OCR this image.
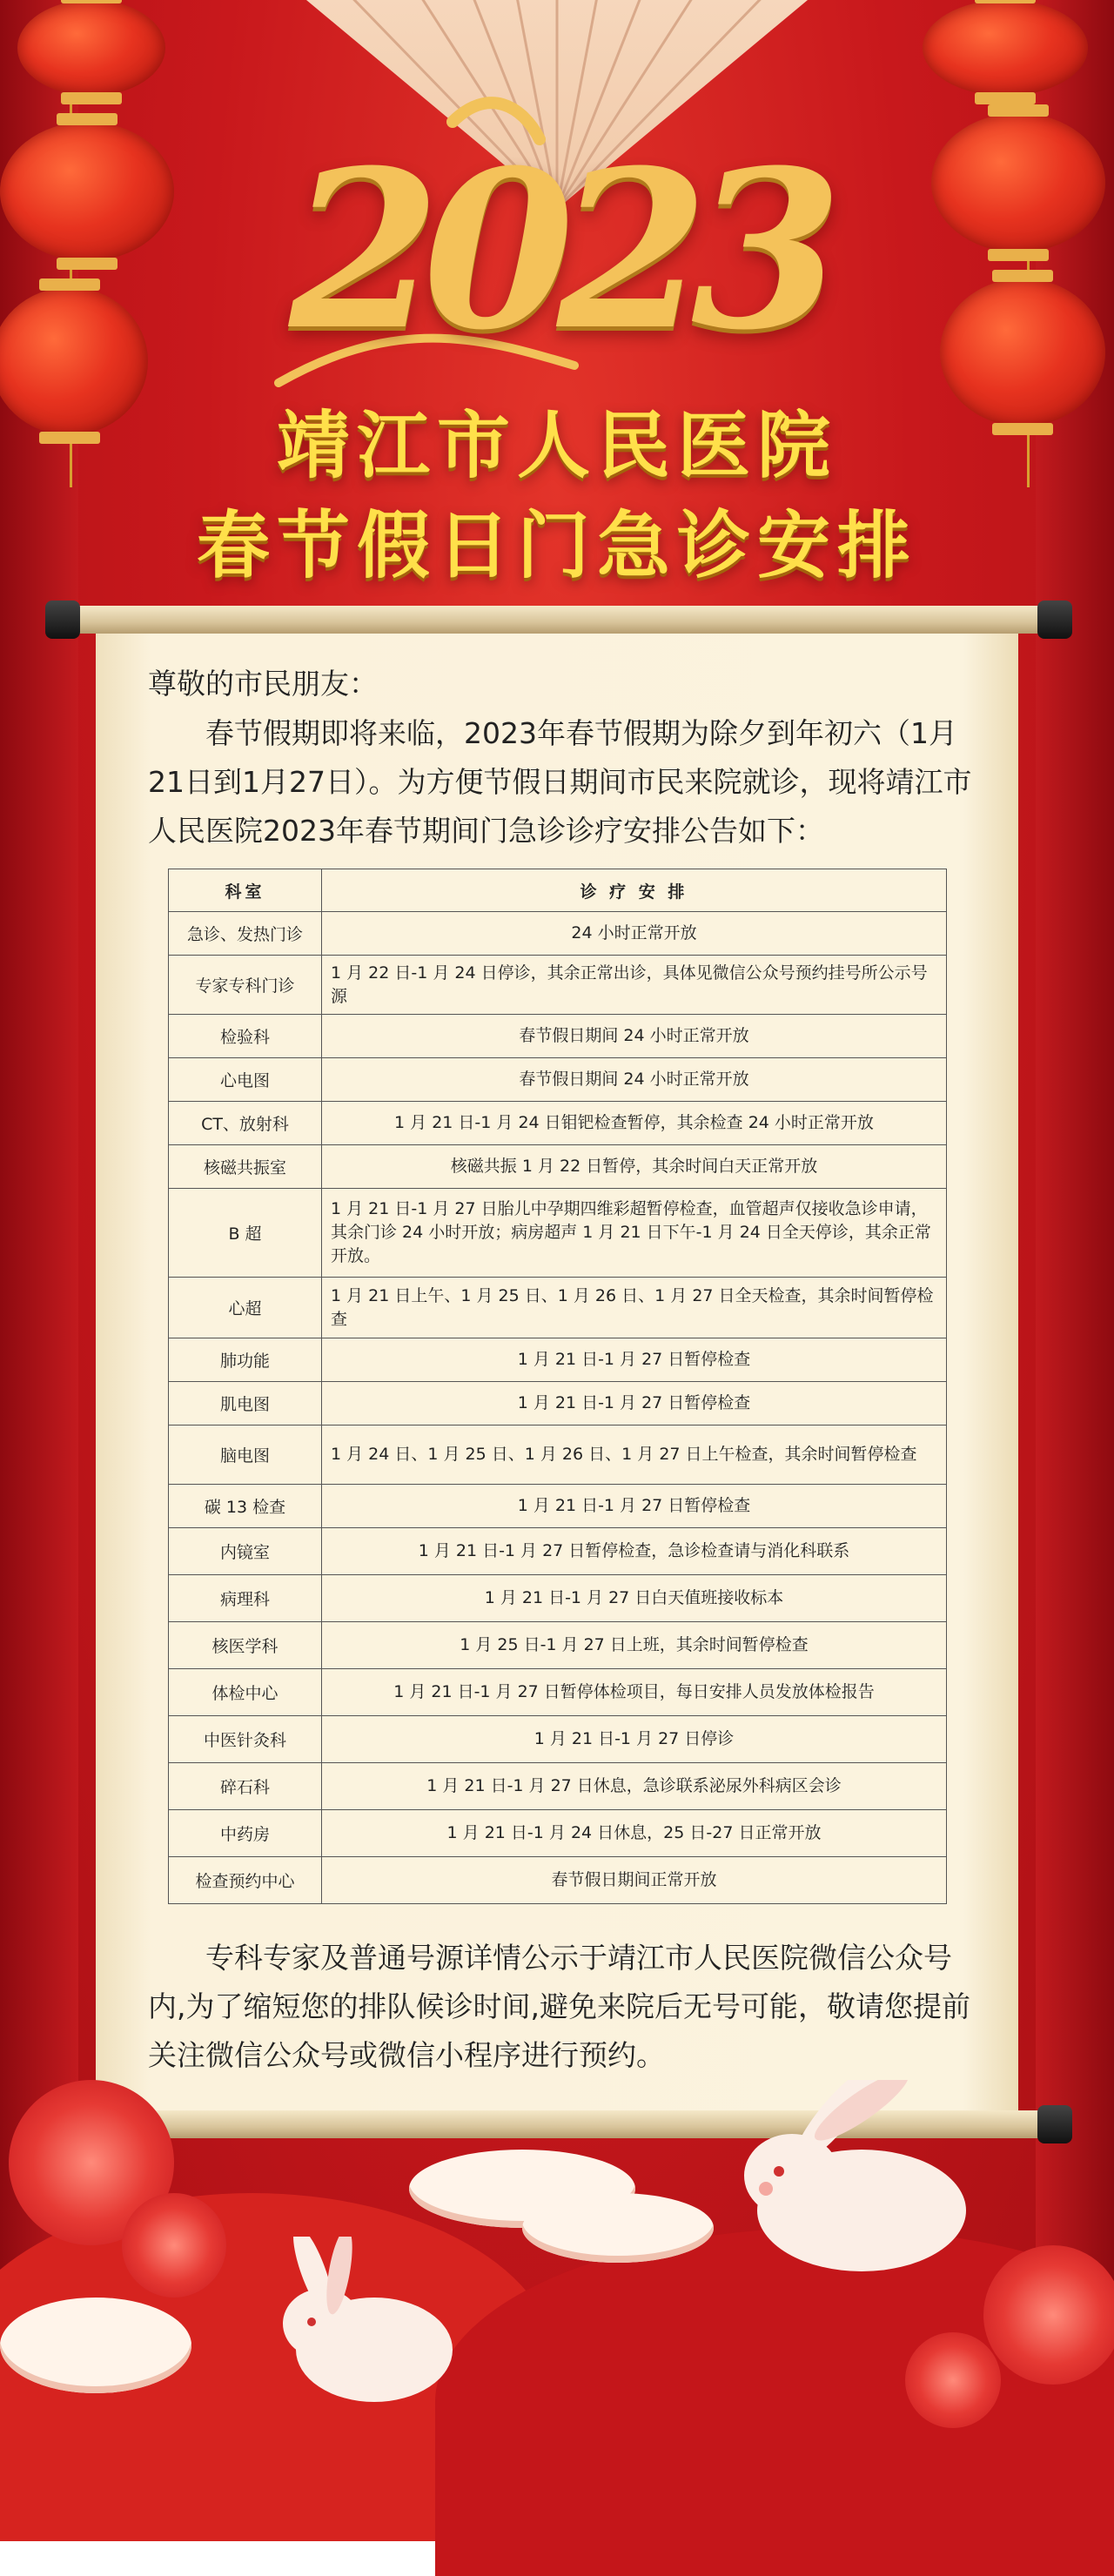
2023
靖江市人民医院
春节假日门急诊安排
尊敬的市民朋友：
春节假期即将来临，2023年春节假期为除夕到年初六（1月21日到1月27日）。为方便节假日期间市民来院就诊，现将靖江市人民医院2023年春节期间门急诊诊疗安排公告如下：
科室	诊 疗 安 排
急诊、发热门诊	24 小时正常开放
专家专科门诊	1 月 22 日-1 月 24 日停诊，其余正常出诊，具体见微信公众号预约挂号所公示号源
检验科	春节假日期间 24 小时正常开放
心电图	春节假日期间 24 小时正常开放
CT、放射科	1 月 21 日-1 月 24 日钼钯检查暂停，其余检查 24 小时正常开放
核磁共振室	核磁共振 1 月 22 日暂停，其余时间白天正常开放
B 超	1 月 21 日-1 月 27 日胎儿中孕期四维彩超暂停检查，血管超声仅接收急诊申请，其余门诊 24 小时开放；病房超声 1 月 21 日下午-1 月 24 日全天停诊，其余正常开放。
心超	1 月 21 日上午、1 月 25 日、1 月 26 日、1 月 27 日全天检查，其余时间暂停检查
肺功能	1 月 21 日-1 月 27 日暂停检查
肌电图	1 月 21 日-1 月 27 日暂停检查
脑电图	1 月 24 日、1 月 25 日、1 月 26 日、1 月 27 日上午检查，其余时间暂停检查
碳 13 检查	1 月 21 日-1 月 27 日暂停检查
内镜室	1 月 21 日-1 月 27 日暂停检查，急诊检查请与消化科联系
病理科	1 月 21 日-1 月 27 日白天值班接收标本
核医学科	1 月 25 日-1 月 27 日上班，其余时间暂停检查
体检中心	1 月 21 日-1 月 27 日暂停体检项目，每日安排人员发放体检报告
中医针灸科	1 月 21 日-1 月 27 日停诊
碎石科	1 月 21 日-1 月 27 日休息，急诊联系泌尿外科病区会诊
中药房	1 月 21 日-1 月 24 日休息，25 日-27 日正常开放
检查预约中心	春节假日期间正常开放
专科专家及普通号源详情公示于靖江市人民医院微信公众号内,为了缩短您的排队候诊时间,避免来院后无号可能，敬请您提前关注微信公众号或微信小程序进行预约。
